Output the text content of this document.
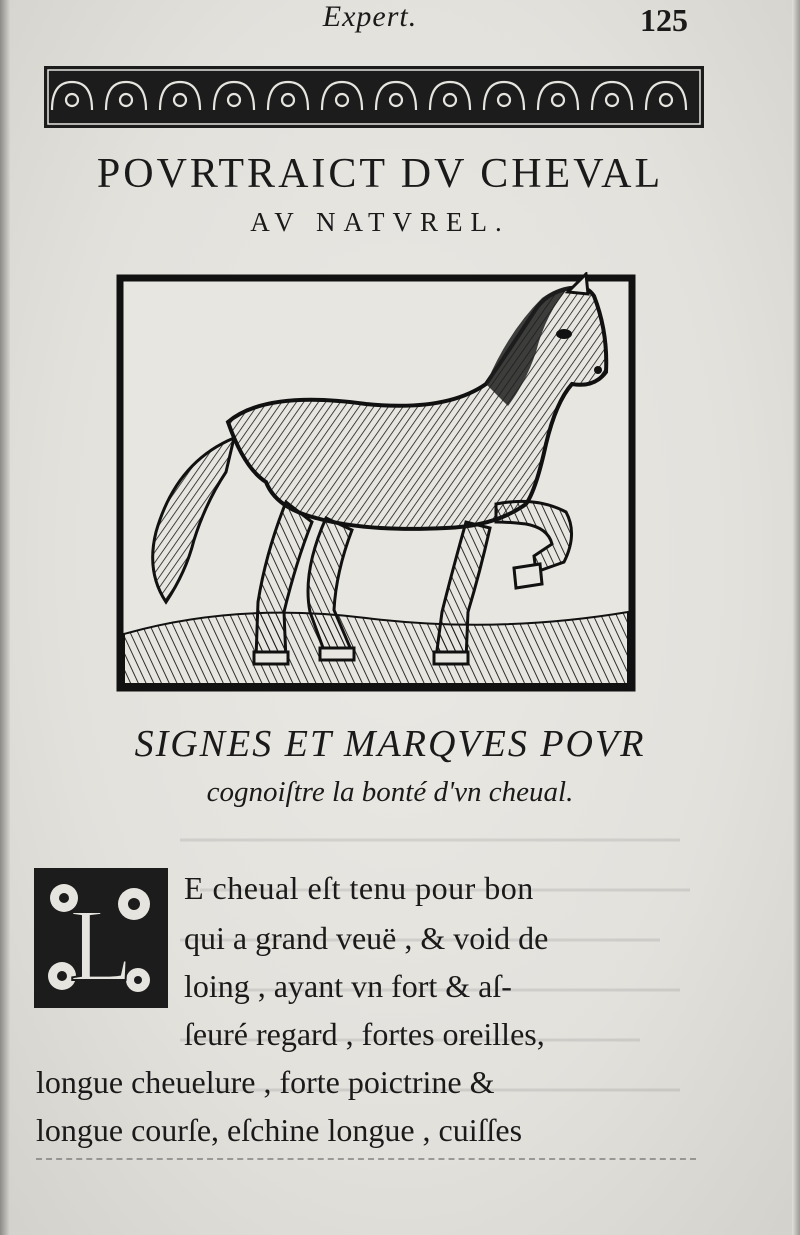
Expert.	125
POVRTRAICT DV CHEVAL
AV NATVREL.
SIGNES ET MARQVES POVR
cognoiſtre la bonté d'vn cheual.
L E cheual eſt tenu pour bon
qui a grand veuë , & void de
loing , ayant vn fort & aſ-
ſeuré regard , fortes oreilles,
longue cheuelure , forte poictrine &
longue courſe, eſchine longue , cuiſſes
